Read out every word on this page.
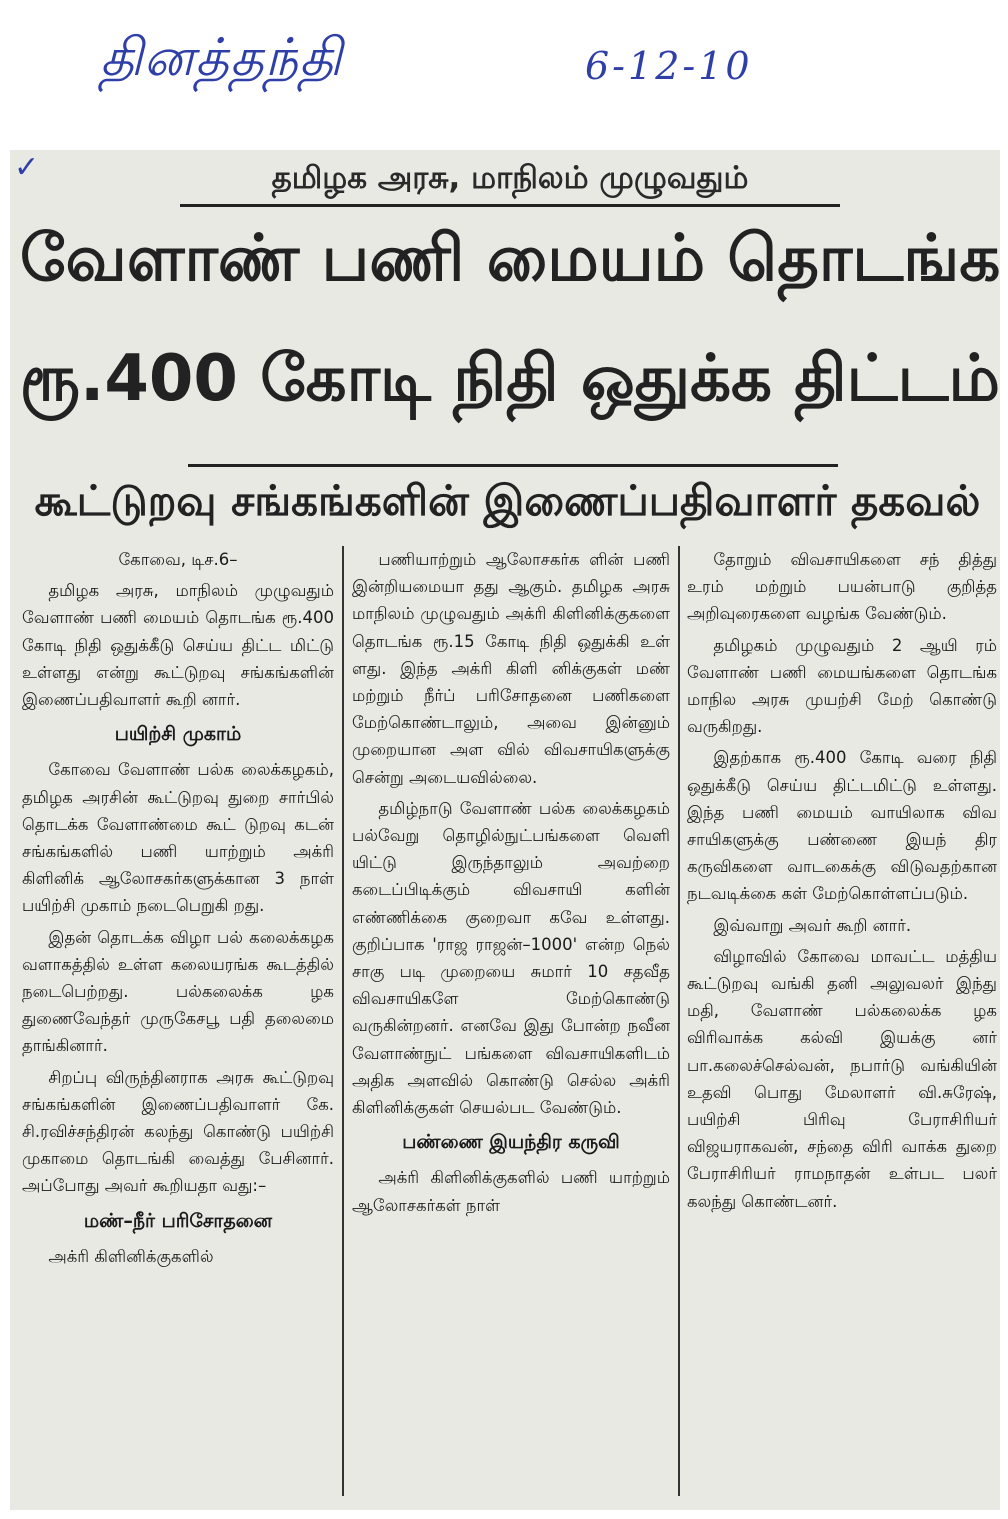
தினத்தந்தி	6-12-10
✓	தமிழக அரசு, மாநிலம் முழுவதும்
வேளாண் பணி மையம் தொடங்க
ரூ.400 கோடி நிதி ஒதுக்க திட்டம்
கூட்டுறவு சங்கங்களின் இணைப்பதிவாளர் தகவல்

கோவை, டிச.6–

தமிழக அரசு, மாநிலம் முழுவதும் வேளாண் பணி மையம் தொடங்க ரூ.400 கோடி நிதி ஒதுக்கீடு செய்ய திட்ட மிட்டு உள்ளது என்று கூட்டுறவு சங்கங்களின் இணைப்பதிவாளர் கூறி னார்.

பயிற்சி முகாம்

கோவை வேளாண் பல்க லைக்கழகம், தமிழக அரசின் கூட்டுறவு துறை சார்பில் தொடக்க வேளாண்மை கூட் டுறவு கடன் சங்கங்களில் பணி யாற்றும் அக்ரி கிளினிக் ஆலோசகர்களுக்கான 3 நாள் பயிற்சி முகாம் நடைபெறுகி றது.

இதன் தொடக்க விழா பல் கலைக்கழக வளாகத்தில் உள்ள கலையரங்க கூடத்தில் நடைபெற்றது. பல்கலைக்க ழக துணைவேந்தர் முருகேசபூ பதி தலைமை தாங்கினார்.

சிறப்பு விருந்தினராக அரசு கூட்டுறவு சங்கங்களின் இணைப்பதிவாளர் கே. சி.ரவிச்சந்திரன் கலந்து கொண்டு பயிற்சி முகாமை தொடங்கி வைத்து பேசினார். அப்போது அவர் கூறியதா வது:–

மண்–நீர் பரிசோதனை

அக்ரி கிளினிக்குகளில்

பணியாற்றும் ஆலோசகர்க ளின் பணி இன்றியமையா தது ஆகும். தமிழக அரசு மாநிலம் முழுவதும் அக்ரி கிளினிக்குகளை தொடங்க ரூ.15 கோடி நிதி ஒதுக்கி உள் ளது. இந்த அக்ரி கிளி னிக்குகள் மண் மற்றும் நீர்ப் பரிசோதனை பணிகளை மேற்கொண்டாலும், அவை இன்னும் முறையான அள வில் விவசாயிகளுக்கு சென்று அடையவில்லை.

தமிழ்நாடு வேளாண் பல்க லைக்கழகம் பல்வேறு தொழில்நுட்பங்களை வெளி யிட்டு இருந்தாலும் அவற்றை கடைப்பிடிக்கும் விவசாயி களின் எண்ணிக்கை குறைவா கவே உள்ளது. குறிப்பாக 'ராஜ ராஜன்–1000' என்ற நெல் சாகு படி முறையை சுமார் 10 சதவீத விவசாயிகளே மேற்கொண்டு வருகின்றனர். எனவே இது போன்ற நவீன வேளாண்நுட் பங்களை விவசாயிகளிடம் அதிக அளவில் கொண்டு செல்ல அக்ரி கிளினிக்குகள் செயல்பட வேண்டும்.

பண்ணை இயந்திர கருவி

அக்ரி கிளினிக்குகளில் பணி யாற்றும் ஆலோசகர்கள் நாள்

தோறும் விவசாயிகளை சந் தித்து உரம் மற்றும் பயன்பாடு குறித்த அறிவுரைகளை வழங்க வேண்டும்.

தமிழகம் முழுவதும் 2 ஆயி ரம் வேளாண் பணி மையங்களை தொடங்க மாநில அரசு முயற்சி மேற் கொண்டு வருகிறது.

இதற்காக ரூ.400 கோடி வரை நிதி ஒதுக்கீடு செய்ய திட்டமிட்டு உள்ளது. இந்த பணி மையம் வாயிலாக விவ சாயிகளுக்கு பண்ணை இயந் திர கருவிகளை வாடகைக்கு விடுவதற்கான நடவடிக்கை கள் மேற்கொள்ளப்படும்.

இவ்வாறு அவர் கூறி னார்.

விழாவில் கோவை மாவட்ட மத்திய கூட்டுறவு வங்கி தனி அலுவலர் இந்து மதி, வேளாண் பல்கலைக்க ழக விரிவாக்க கல்வி இயக்கு னர் பா.கலைச்செல்வன், நபார்டு வங்கியின் உதவி பொது மேலாளர் வி.சுரேஷ், பயிற்சி பிரிவு பேராசிரியர் விஜயராகவன், சந்தை விரி வாக்க துறை பேராசிரியர் ராமநாதன் உள்பட பலர் கலந்து கொண்டனர்.
